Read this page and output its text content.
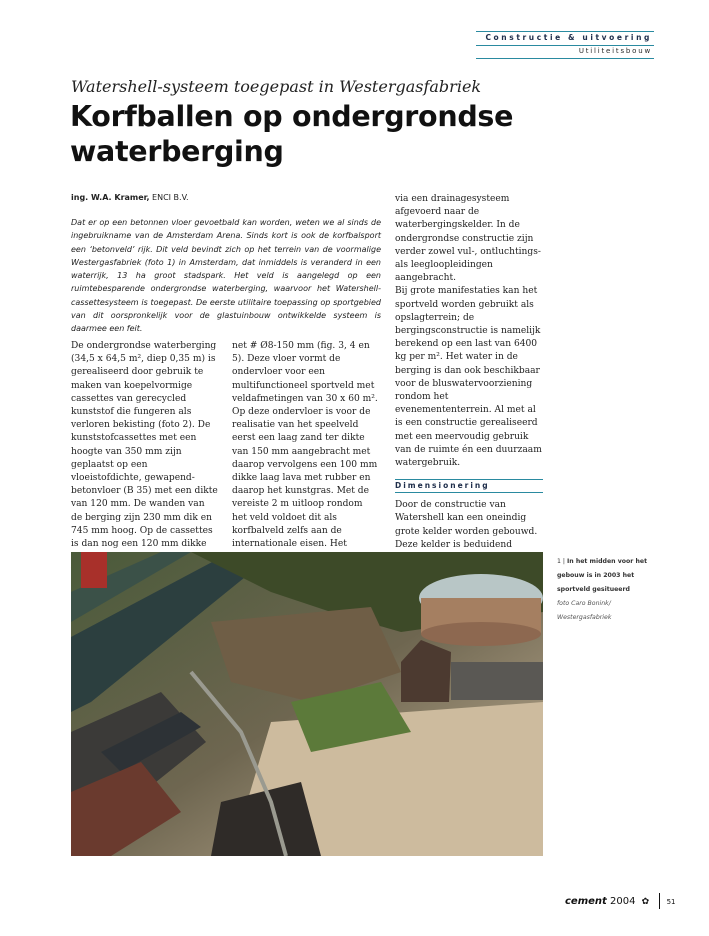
Constructie & uitvoering
Utiliteitsbouw
Watershell-systeem toegepast in Westergasfabriek
Korfballen op ondergrondse waterberging
ing. W.A. Kramer, ENCI B.V.
Dat er op een betonnen vloer gevoetbald kan worden, weten we al sinds de ingebruikname van de Amsterdam Arena. Sinds kort is ook de korfbalsport een ‘betonveld’ rijk. Dit veld bevindt zich op het terrein van de voormalige Westergasfabriek (foto 1) in Amsterdam, dat inmiddels is veranderd in een waterrijk, 13 ha groot stadspark. Het veld is aangelegd op een ruimtebesparende ondergrondse waterberging, waarvoor het Watershell-cassettesysteem is toegepast. De eerste utilitaire toepassing op sportgebied van dit oorspronkelijk voor de glastuinbouw ontwikkelde systeem is daarmee een feit.

De ondergrondse waterberging (34,5 x 64,5 m², diep 0,35 m) is gerealiseerd door gebruik te maken van koepelvormige cassettes van gerecycled kunststof die fungeren als verloren bekisting (foto 2). De kunststofcassettes met een hoogte van 350 mm zijn geplaatst op een vloeistofdichte, gewapend-betonvloer (B 35) met een dikte van 120 mm. De wanden van de berging zijn 230 mm dik en 745 mm hoog. Op de cassettes is dan nog een 120 mm dikke

net # Ø8-150 mm (fig. 3, 4 en 5). Deze vloer vormt de ondervloer voor een multifunctioneel sportveld met veldafmetingen van 30 x 60 m². Op deze ondervloer is voor de realisatie van het speelveld eerst een laag zand ter dikte van 150 mm aangebracht met daarop vervolgens een 100 mm dikke laag lava met rubber en daarop het kunstgras. Met de vereiste 2 m uitloop rondom het veld voldoet dit als korfbalveld zelfs aan de internationale eisen. Het

via een drainagesysteem afgevoerd naar de waterbergingskelder. In de ondergrondse constructie zijn verder zowel vul-, ontluchtings- als leegloopleidingen aangebracht.

Bij grote manifestaties kan het sportveld worden gebruikt als opslagterrein; de bergingsconstructie is namelijk berekend op een last van 6400 kg per m². Het water in de berging is dan ook beschikbaar voor de bluswatervoorziening rondom het evenemententerrein. Al met al is een constructie gerealiseerd met een meervoudig gebruik van de ruimte én een duurzaam watergebruik.

Dimensionering

Door de constructie van Watershell kan een oneindig grote kelder worden gebouwd. Deze kelder is beduidend

1 | In het midden voor het gebouw is in 2003 het sportveld gesitueerd
foto Caro Bonink/ Westergasfabriek
cement 2004 ✿ 51
